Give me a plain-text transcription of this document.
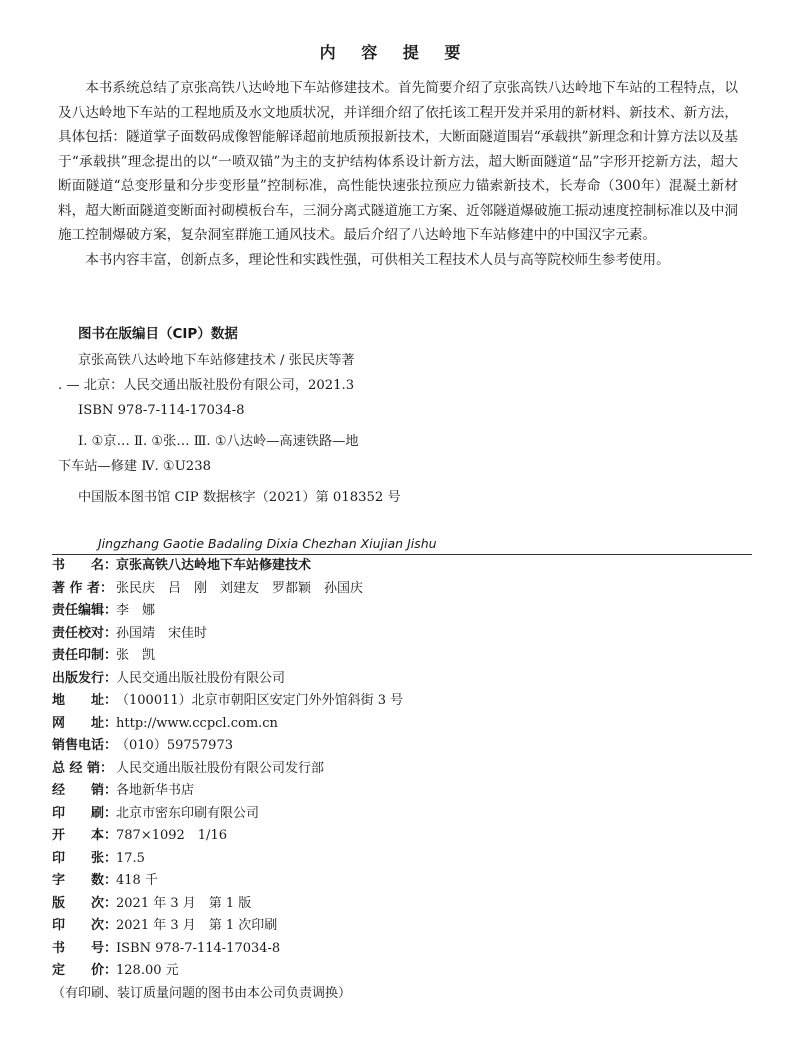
内 容 提 要

本书系统总结了京张高铁八达岭地下车站修建技术。首先简要介绍了京张高铁八达岭地下车站的工程特点，以及八达岭地下车站的工程地质及水文地质状况，并详细介绍了依托该工程开发并采用的新材料、新技术、新方法，具体包括：隧道掌子面数码成像智能解译超前地质预报新技术，大断面隧道围岩“承载拱”新理念和计算方法以及基于“承载拱”理念提出的以“一喷双锚”为主的支护结构体系设计新方法，超大断面隧道“品”字形开挖新方法，超大断面隧道“总变形量和分步变形量”控制标准，高性能快速张拉预应力锚索新技术，长寿命（300年）混凝土新材料，超大断面隧道变断面衬砌模板台车，三洞分离式隧道施工方案、近邻隧道爆破施工振动速度控制标准以及中洞施工控制爆破方案，复杂洞室群施工通风技术。最后介绍了八达岭地下车站修建中的中国汉字元素。

本书内容丰富，创新点多，理论性和实践性强，可供相关工程技术人员与高等院校师生参考使用。

图书在版编目（CIP）数据
京张高铁八达岭地下车站修建技术 / 张民庆等著
. — 北京：人民交通出版社股份有限公司，2021.3
ISBN 978-7-114-17034-8
Ⅰ. ①京… Ⅱ. ①张… Ⅲ. ①八达岭—高速铁路—地
下车站—修建 Ⅳ. ①U238
中国版本图书馆 CIP 数据核字（2021）第 018352 号
Jingzhang Gaotie Badaling Dixia Chezhan Xiujian Jishu
书　　名：
京张高铁八达岭地下车站修建技术
著 作 者： 张民庆　吕　刚　刘建友　罗都颖　孙国庆
责任编辑：
李　娜
责任校对：
孙国靖　宋佳时
责任印制：
张　凯
出版发行：
人民交通出版社股份有限公司
地　　址：
（100011）北京市朝阳区安定门外外馆斜街 3 号
网　　址：
http://www.ccpcl.com.cn
销售电话：
（010）59757973
总 经 销： 人民交通出版社股份有限公司发行部
经　　销：
各地新华书店
印　　刷：
北京市密东印刷有限公司
开　　本：
787×1092　1/16
印　　张：
17.5
字　　数：
418 千
版　　次：
2021 年 3 月　第 1 版
印　　次：
2021 年 3 月　第 1 次印刷
书　　号：
ISBN 978-7-114-17034-8
定　　价：
128.00 元
（有印刷、装订质量问题的图书由本公司负责调换）
